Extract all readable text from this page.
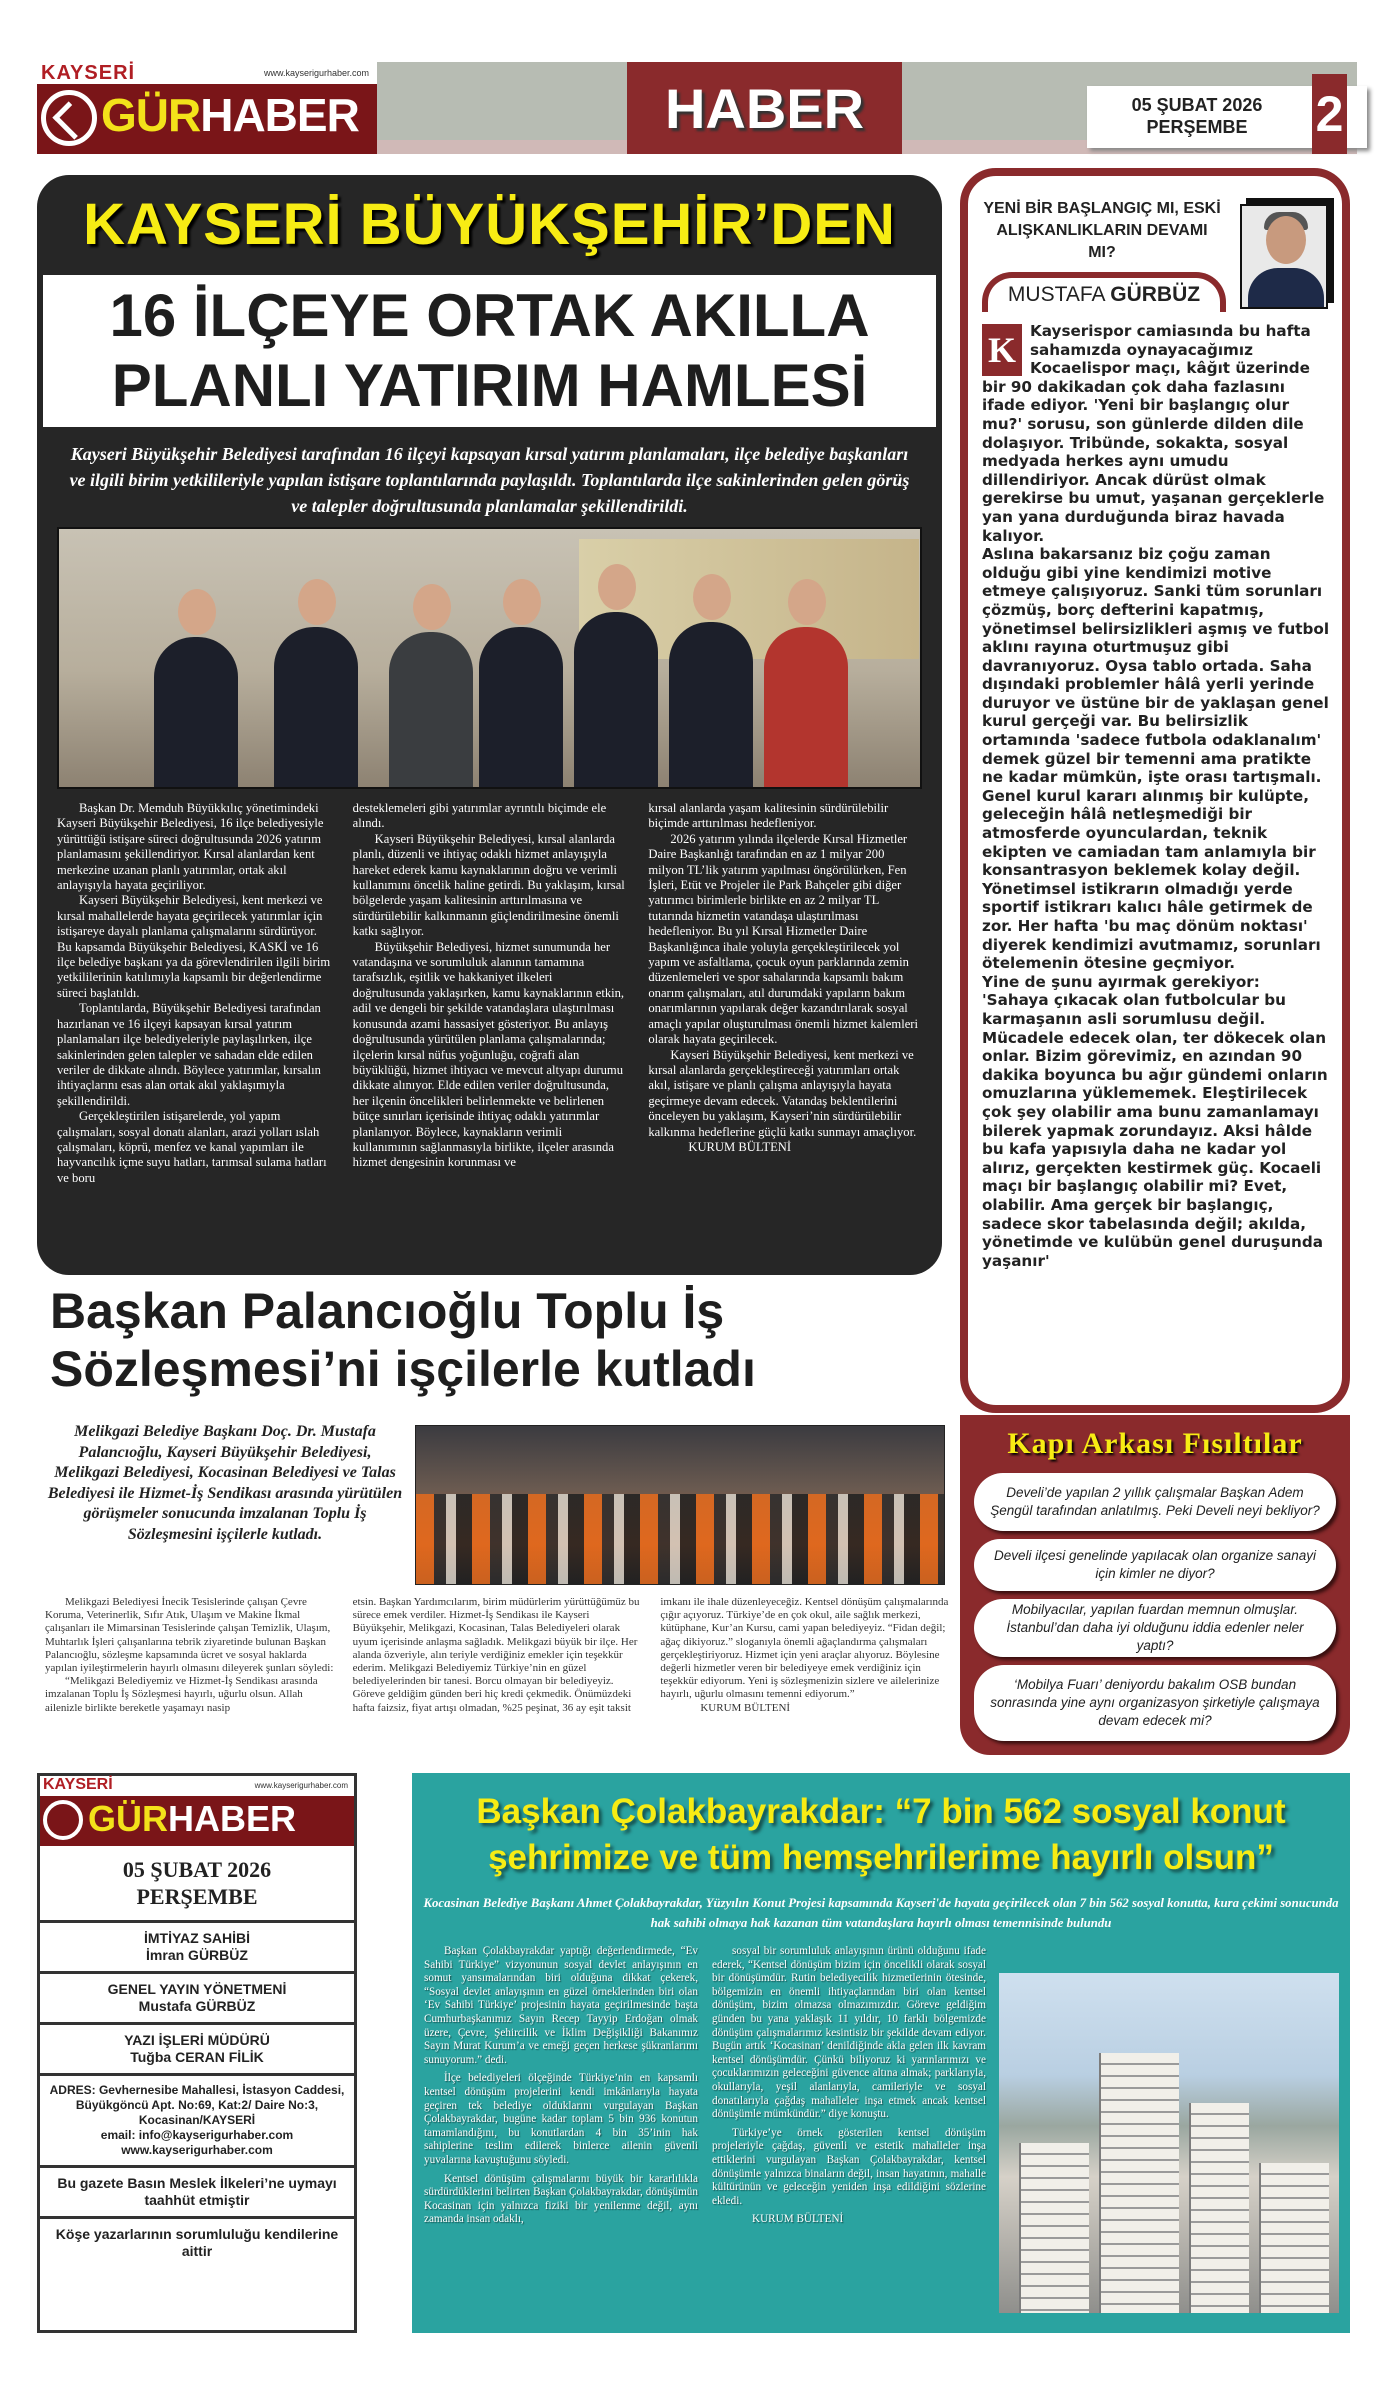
KAYSERİ	www.kayserigurhaber.com
GÜRHABER	HABER	05 ŞUBAT 2026
PERŞEMBE	2
KAYSERİ BÜYÜKŞEHİR’DEN
16 İLÇEYE ORTAK AKILLA
PLANLI YATIRIM HAMLESİ
Kayseri Büyükşehir Belediyesi tarafından 16 ilçeyi kapsayan kırsal yatırım planlamaları, ilçe belediye başkanları ve ilgili birim yetkilileriyle yapılan istişare toplantılarında paylaşıldı. Toplantılarda ilçe sakinlerinden gelen görüş ve talepler doğrultusunda planlamalar şekillendirildi.

Başkan Dr. Memduh Büyükkılıç yönetimindeki Kayseri Büyükşehir Belediyesi, 16 ilçe belediyesiyle yürüttüğü istişare süreci doğrultusunda 2026 yatırım planlamasını şekillendiriyor. Kırsal alanlardan kent merkezine uzanan planlı yatırımlar, ortak akıl anlayışıyla hayata geçiriliyor.

Kayseri Büyükşehir Belediyesi, kent merkezi ve kırsal mahallelerde hayata geçirilecek yatırımlar için istişareye dayalı planlama çalışmalarını sürdürüyor. Bu kapsamda Büyükşehir Belediyesi, KASKİ ve 16 ilçe belediye başkanı ya da görevlendirilen ilgili birim yetkililerinin katılımıyla kapsamlı bir değerlendirme süreci başlatıldı.

Toplantılarda, Büyükşehir Belediyesi tarafından hazırlanan ve 16 ilçeyi kapsayan kırsal yatırım planlamaları ilçe belediyeleriyle paylaşılırken, ilçe sakinlerinden gelen talepler ve sahadan elde edilen veriler de dikkate alındı. Böylece yatırımlar, kırsalın ihtiyaçlarını esas alan ortak akıl yaklaşımıyla şekillendirildi.

Gerçekleştirilen istişarelerde, yol yapım çalışmaları, sosyal donatı alanları, arazi yolları ıslah çalışmaları, köprü, menfez ve kanal yapımları ile hayvancılık içme suyu hatları, tarımsal sulama hatları ve boru

desteklemeleri gibi yatırımlar ayrıntılı biçimde ele alındı.

Kayseri Büyükşehir Belediyesi, kırsal alanlarda planlı, düzenli ve ihtiyaç odaklı hizmet anlayışıyla hareket ederek kamu kaynaklarının doğru ve verimli kullanımını öncelik haline getirdi. Bu yaklaşım, kırsal bölgelerde yaşam kalitesinin arttırılmasına ve sürdürülebilir kalkınmanın güçlendirilmesine önemli katkı sağlıyor.

Büyükşehir Belediyesi, hizmet sunumunda her vatandaşına ve sorumluluk alanının tamamına tarafsızlık, eşitlik ve hakkaniyet ilkeleri doğrultusunda yaklaşırken, kamu kaynaklarının etkin, adil ve dengeli bir şekilde vatandaşlara ulaştırılması konusunda azami hassasiyet gösteriyor. Bu anlayış doğrultusunda yürütülen planlama çalışmalarında; ilçelerin kırsal nüfus yoğunluğu, coğrafi alan büyüklüğü, hizmet ihtiyacı ve mevcut altyapı durumu dikkate alınıyor. Elde edilen veriler doğrultusunda, her ilçenin öncelikleri belirlenmekte ve belirlenen bütçe sınırları içerisinde ihtiyaç odaklı yatırımlar planlanıyor. Böylece, kaynakların verimli kullanımının sağlanmasıyla birlikte, ilçeler arasında hizmet dengesinin korunması ve

kırsal alanlarda yaşam kalitesinin sürdürülebilir biçimde arttırılması hedefleniyor.

2026 yatırım yılında ilçelerde Kırsal Hizmetler Daire Başkanlığı tarafından en az 1 milyar 200 milyon TL’lik yatırım yapılması öngörülürken, Fen İşleri, Etüt ve Projeler ile Park Bahçeler gibi diğer yatırımcı birimlerle birlikte en az 2 milyar TL tutarında hizmetin vatandaşa ulaştırılması hedefleniyor. Bu yıl Kırsal Hizmetler Daire Başkanlığınca ihale yoluyla gerçekleştirilecek yol yapım ve asfaltlama, çocuk oyun parklarında zemin düzenlemeleri ve spor sahalarında kapsamlı bakım onarım çalışmaları, atıl durumdaki yapıların bakım onarımlarının yapılarak değer kazandırılarak sosyal amaçlı yapılar oluşturulması önemli hizmet kalemleri olarak hayata geçirilecek.

Kayseri Büyükşehir Belediyesi, kent merkezi ve kırsal alanlarda gerçekleştireceği yatırımları ortak akıl, istişare ve planlı çalışma anlayışıyla hayata geçirmeye devam edecek. Vatandaş beklentilerini önceleyen bu yaklaşım, Kayseri’nin sürdürülebilir kalkınma hedeflerine güçlü katkı sunmayı amaçlıyor.

KURUM BÜLTENİ
Başkan Palancıoğlu Toplu İş
Sözleşmesi’ni işçilerle kutladı
Melikgazi Belediye Başkanı Doç. Dr. Mustafa Palancıoğlu, Kayseri Büyükşehir Belediyesi, Melikgazi Belediyesi, Kocasinan Belediyesi ve Talas Belediyesi ile Hizmet-İş Sendikası arasında yürütülen görüşmeler sonucunda imzalanan Toplu İş Sözleşmesini işçilerle kutladı.

Melikgazi Belediyesi İnecik Tesislerinde çalışan Çevre Koruma, Veterinerlik, Sıfır Atık, Ulaşım ve Makine İkmal çalışanları ile Mimarsinan Tesislerinde çalışan Temizlik, Ulaşım, Muhtarlık İşleri çalışanlarına tebrik ziyaretinde bulunan Başkan Palancıoğlu, sözleşme kapsamında ücret ve sosyal haklarda yapılan iyileştirmelerin hayırlı olmasını dileyerek şunları söyledi:

“Melikgazi Belediyemiz ve Hizmet-İş Sendikası arasında imzalanan Toplu İş Sözleşmesi hayırlı, uğurlu olsun. Allah ailenizle birlikte bereketle yaşamayı nasip

etsin. Başkan Yardımcılarım, birim müdürlerim yürüttüğümüz bu sürece emek verdiler. Hizmet-İş Sendikası ile Kayseri Büyükşehir, Melikgazi, Kocasinan, Talas Belediyeleri olarak uyum içerisinde anlaşma sağladık. Melikgazi büyük bir ilçe. Her alanda özveriyle, alın teriyle verdiğiniz emekler için teşekkür ederim. Melikgazi Belediyemiz Türkiye’nin en güzel belediyelerinden bir tanesi. Borcu olmayan bir belediyeyiz. Göreve geldiğim günden beri hiç kredi çekmedik. Önümüzdeki hafta faizsiz, fiyat artışı olmadan, %25 peşinat, 36 ay eşit taksit
imkanı ile ihale düzenleyeceğiz. Kentsel dönüşüm çalışmalarında çığır açıyoruz. Türkiye’de en çok okul, aile sağlık merkezi, kütüphane, Kur’an Kursu, cami yapan belediyeyiz. “Fidan değil; ağaç dikiyoruz.” sloganıyla önemli ağaçlandırma çalışmaları gerçekleştiriyoruz. Hizmet için yeni araçlar alıyoruz. Böylesine değerli hizmetler veren bir belediyeye emek verdiğiniz için teşekkür ediyorum. Yeni iş sözleşmenizin sizlere ve ailelerinize hayırlı, uğurlu olmasını temenni ediyorum.”
KURUM BÜLTENİ
YENİ BİR BAŞLANGIÇ MI, ESKİ ALIŞKANLIKLARIN DEVAMI MI?
MUSTAFA GÜRBÜZ
K Kayserispor camiasında bu hafta sahamızda oynayacağımız Kocaelispor maçı, kâğıt üzerinde bir 90 dakikadan çok daha fazlasını ifade ediyor. 'Yeni bir başlangıç olur mu?' sorusu, son günlerde dilden dile dolaşıyor. Tribünde, sokakta, sosyal medyada herkes aynı umudu dillendiriyor. Ancak dürüst olmak gerekirse bu umut, yaşanan gerçeklerle yan yana durduğunda biraz havada kalıyor.

Aslına bakarsanız biz çoğu zaman olduğu gibi yine kendimizi motive etmeye çalışıyoruz. Sanki tüm sorunları çözmüş, borç defterini kapatmış, yönetimsel belirsizlikleri aşmış ve futbol aklını rayına oturtmuşuz gibi davranıyoruz. Oysa tablo ortada. Saha dışındaki problemler hâlâ yerli yerinde duruyor ve üstüne bir de yaklaşan genel kurul gerçeği var. Bu belirsizlik ortamında 'sadece futbola odaklanalım' demek güzel bir temenni ama pratikte ne kadar mümkün, işte orası tartışmalı.

Genel kurul kararı alınmış bir kulüpte, geleceğin hâlâ netleşmediği bir atmosferde oyunculardan, teknik ekipten ve camiadan tam anlamıyla bir konsantrasyon beklemek kolay değil. Yönetimsel istikrarın olmadığı yerde sportif istikrarı kalıcı hâle getirmek de zor. Her hafta 'bu maç dönüm noktası' diyerek kendimizi avutmamız, sorunları ötelemenin ötesine geçmiyor.

Yine de şunu ayırmak gerekiyor: 'Sahaya çıkacak olan futbolcular bu karmaşanın asli sorumlusu değil. Mücadele edecek olan, ter dökecek olan onlar. Bizim görevimiz, en azından 90 dakika boyunca bu ağır gündemi onların omuzlarına yüklememek. Eleştirilecek çok şey olabilir ama bunu zamanlamayı bilerek yapmak zorundayız. Aksi hâlde bu kafa yapısıyla daha ne kadar yol alırız, gerçekten kestirmek güç. Kocaeli maçı bir başlangıç olabilir mi? Evet, olabilir. Ama gerçek bir başlangıç, sadece skor tabelasında değil; akılda, yönetimde ve kulübün genel duruşunda yaşanır'

Kapı Arkası Fısıltılar
Develi’de yapılan 2 yıllık çalışmalar Başkan Adem Şengül tarafından anlatılmış. Peki Develi neyi bekliyor?
Develi ilçesi genelinde yapılacak olan organize sanayi için kimler ne diyor?
Mobilyacılar, yapılan fuardan memnun olmuşlar. İstanbul’dan daha iyi olduğunu iddia edenler neler yaptı?
‘Mobilya Fuarı’ deniyordu bakalım OSB bundan sonrasında yine aynı organizasyon şirketiyle çalışmaya devam edecek mi?
KAYSERİ	www.kayserigurhaber.com
GÜRHABER
05 ŞUBAT 2026
PERŞEMBE
İMTİYAZ SAHİBİ
İmran GÜRBÜZ
GENEL YAYIN YÖNETMENİ
Mustafa GÜRBÜZ
YAZI İŞLERİ MÜDÜRÜ
Tuğba CERAN FİLİK
ADRES: Gevhernesibe Mahallesi, İstasyon Caddesi, Büyükgöncü Apt. No:69, Kat:2/ Daire No:3, Kocasinan/KAYSERİ
email: info@kayserigurhaber.com
www.kayserigurhaber.com
Bu gazete Basın Meslek İlkeleri’ne uymayı taahhüt etmiştir
Köşe yazarlarının sorumluluğu kendilerine aittir
Başkan Çolakbayrakdar: “7 bin 562 sosyal konut
şehrimize ve tüm hemşehrilerime hayırlı olsun”
Kocasinan Belediye Başkanı Ahmet Çolakbayrakdar, Yüzyılın Konut Projesi kapsamında Kayseri'de hayata geçirilecek olan 7 bin 562 sosyal konutta, kura çekimi sonucunda hak sahibi olmaya hak kazanan tüm vatandaşlara hayırlı olması temennisinde bulundu

Başkan Çolakbayrakdar yaptığı değerlendirmede, “Ev Sahibi Türkiye” vizyonunun sosyal devlet anlayışının en somut yansımalarından biri olduğuna dikkat çekerek, “Sosyal devlet anlayışının en güzel örneklerinden biri olan ‘Ev Sahibi Türkiye’ projesinin hayata geçirilmesinde başta Cumhurbaşkanımız Sayın Recep Tayyip Erdoğan olmak üzere, Çevre, Şehircilik ve İklim Değişikliği Bakanımız Sayın Murat Kurum’a ve emeği geçen herkese şükranlarımı sunuyorum.” dedi.

İlçe belediyeleri ölçeğinde Türkiye’nin en kapsamlı kentsel dönüşüm projelerini kendi imkânlarıyla hayata geçiren tek belediye olduklarını vurgulayan Başkan Çolakbayrakdar, bugüne kadar toplam 5 bin 936 konutun tamamlandığını, bu konutlardan 4 bin 35’inin hak sahiplerine teslim edilerek binlerce ailenin güvenli yuvalarına kavuştuğunu söyledi.

Kentsel dönüşüm çalışmalarını büyük bir kararlılıkla sürdürdüklerini belirten Başkan Çolakbayrakdar, dönüşümün Kocasinan için yalnızca fiziki bir yenilenme değil, aynı zamanda insan odaklı,

sosyal bir sorumluluk anlayışının ürünü olduğunu ifade ederek, “Kentsel dönüşüm bizim için öncelikli olarak sosyal bir dönüşümdür. Rutin belediyecilik hizmetlerinin ötesinde, bölgemizin en önemli ihtiyaçlarından biri olan kentsel dönüşüm, bizim olmazsa olmazımızdır. Göreve geldiğim günden bu yana yaklaşık 11 yıldır, 10 farklı bölgemizde dönüşüm çalışmalarımız kesintisiz bir şekilde devam ediyor. Bugün artık ‘Kocasinan’ denildiğinde akla gelen ilk kavram kentsel dönüşümdür. Çünkü biliyoruz ki yarınlarımızı ve çocuklarımızın geleceğini güvence altına almak; parklarıyla, okullarıyla, yeşil alanlarıyla, camileriyle ve sosyal donatılarıyla çağdaş mahalleler inşa etmek ancak kentsel dönüşümle mümkündür.” diye konuştu.

Türkiye’ye örnek gösterilen kentsel dönüşüm projeleriyle çağdaş, güvenli ve estetik mahalleler inşa ettiklerini vurgulayan Başkan Çolakbayrakdar, kentsel dönüşümle yalnızca binaların değil, insan hayatının, mahalle kültürünün ve geleceğin yeniden inşa edildiğini sözlerine ekledi.

KURUM BÜLTENİ
